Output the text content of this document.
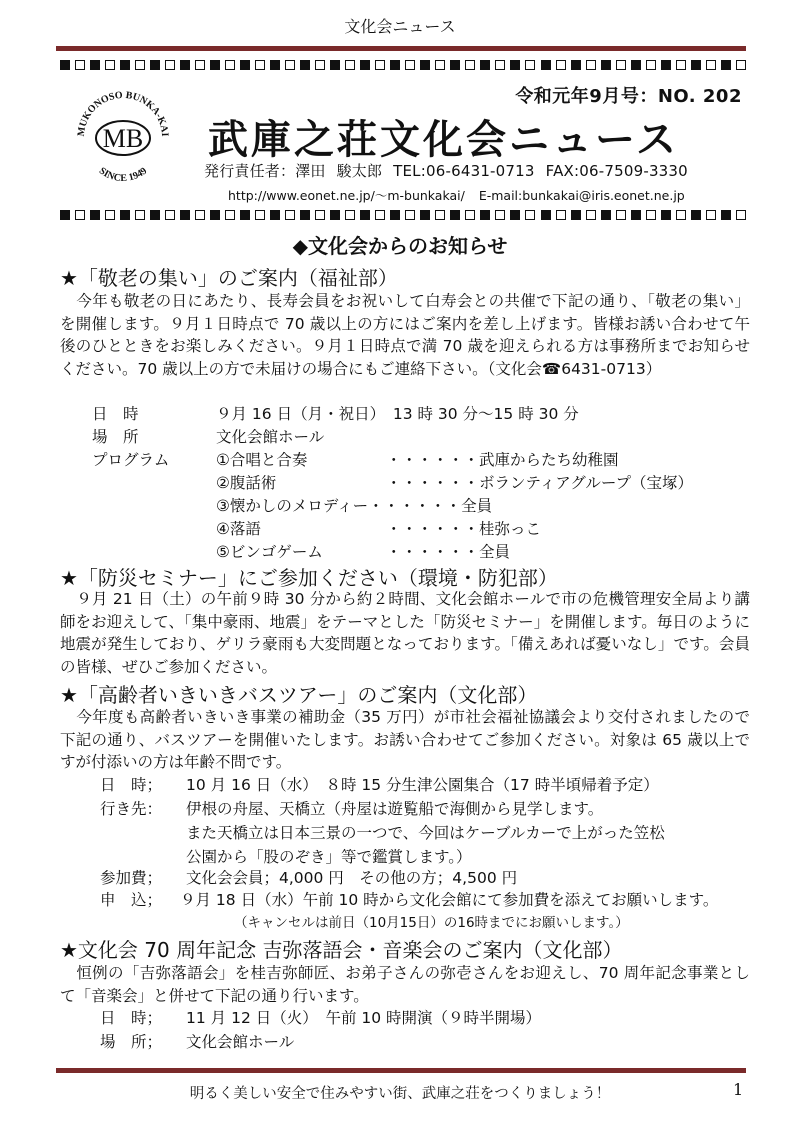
文化会ニュース
令和元年9月号：NO. 202
MUKONOSO BUNKA-KAI
SINCE 1949
MB 武庫之荘文化会ニュース
発行責任者：澤田 駿太郎 TEL:06-6431-0713 FAX:06-7509-3330
http://www.eonet.ne.jp/～m-bunkakai/ E-mail:bunkakai@iris.eonet.ne.jp
◆文化会からのお知らせ
★「敬老の集い」のご案内（福祉部）
今年も敬老の日にあたり、長寿会員をお祝いして白寿会との共催で下記の通り、「敬老の集い」を開催します。９月１日時点で 70 歳以上の方にはご案内を差し上げます。皆様お誘い合わせて午後のひとときをお楽しみください。９月１日時点で満 70 歳を迎えられる方は事務所までお知らせください。70 歳以上の方で未届けの場合にもご連絡下さい。（文化会☎6431-0713）
日　時	９月 16 日（月・祝日）　13 時 30 分～15 時 30 分
場　所	文化会館ホール
プログラム	①合唱と合奏	・・・・・・武庫からたち幼稚園
②腹話術	・・・・・・ボランティアグループ（宝塚）
③懐かしのメロディー・・・・・・全員
④落語	・・・・・・桂弥っこ
⑤ビンゴゲーム	・・・・・・全員
★「防災セミナー」にご参加ください（環境・防犯部）
９月 21 日（土）の午前９時 30 分から約２時間、文化会館ホールで市の危機管理安全局より講師をお迎えして、「集中豪雨、地震」をテーマとした「防災セミナー」を開催します。毎日のように地震が発生しており、ゲリラ豪雨も大変問題となっております。「備えあれば憂いなし」です。会員の皆様、ぜひご参加ください。
★「高齢者いきいきバスツアー」のご案内（文化部）
今年度も高齢者いきいき事業の補助金（35 万円）が市社会福祉協議会より交付されましたので下記の通り、バスツアーを開催いたします。お誘い合わせてご参加ください。対象は 65 歳以上ですが付添いの方は年齢不問です。
日　時； 10 月 16 日（水）　８時 15 分生津公園集合（17 時半頃帰着予定）
行き先： 伊根の舟屋、天橋立（舟屋は遊覧船で海側から見学します。
また天橋立は日本三景の一つで、今回はケーブルカーで上がった笠松
公園から「股のぞき」等で鑑賞します。）
参加費； 文化会会員；4,000 円　その他の方；4,500 円
申　込； ９月 18 日（水）午前 10 時から文化会館にて参加費を添えてお願いします。
（キャンセルは前日（10月15日）の16時までにお願いします。）
★文化会 70 周年記念 吉弥落語会・音楽会のご案内（文化部）
恒例の「吉弥落語会」を桂吉弥師匠、お弟子さんの弥壱さんをお迎えし、70 周年記念事業として「音楽会」と併せて下記の通り行います。
日　時； 11 月 12 日（火）　午前 10 時開演（９時半開場）
場　所； 文化会館ホール
明るく美しい安全で住みやすい街、武庫之荘をつくりましょう！	1
